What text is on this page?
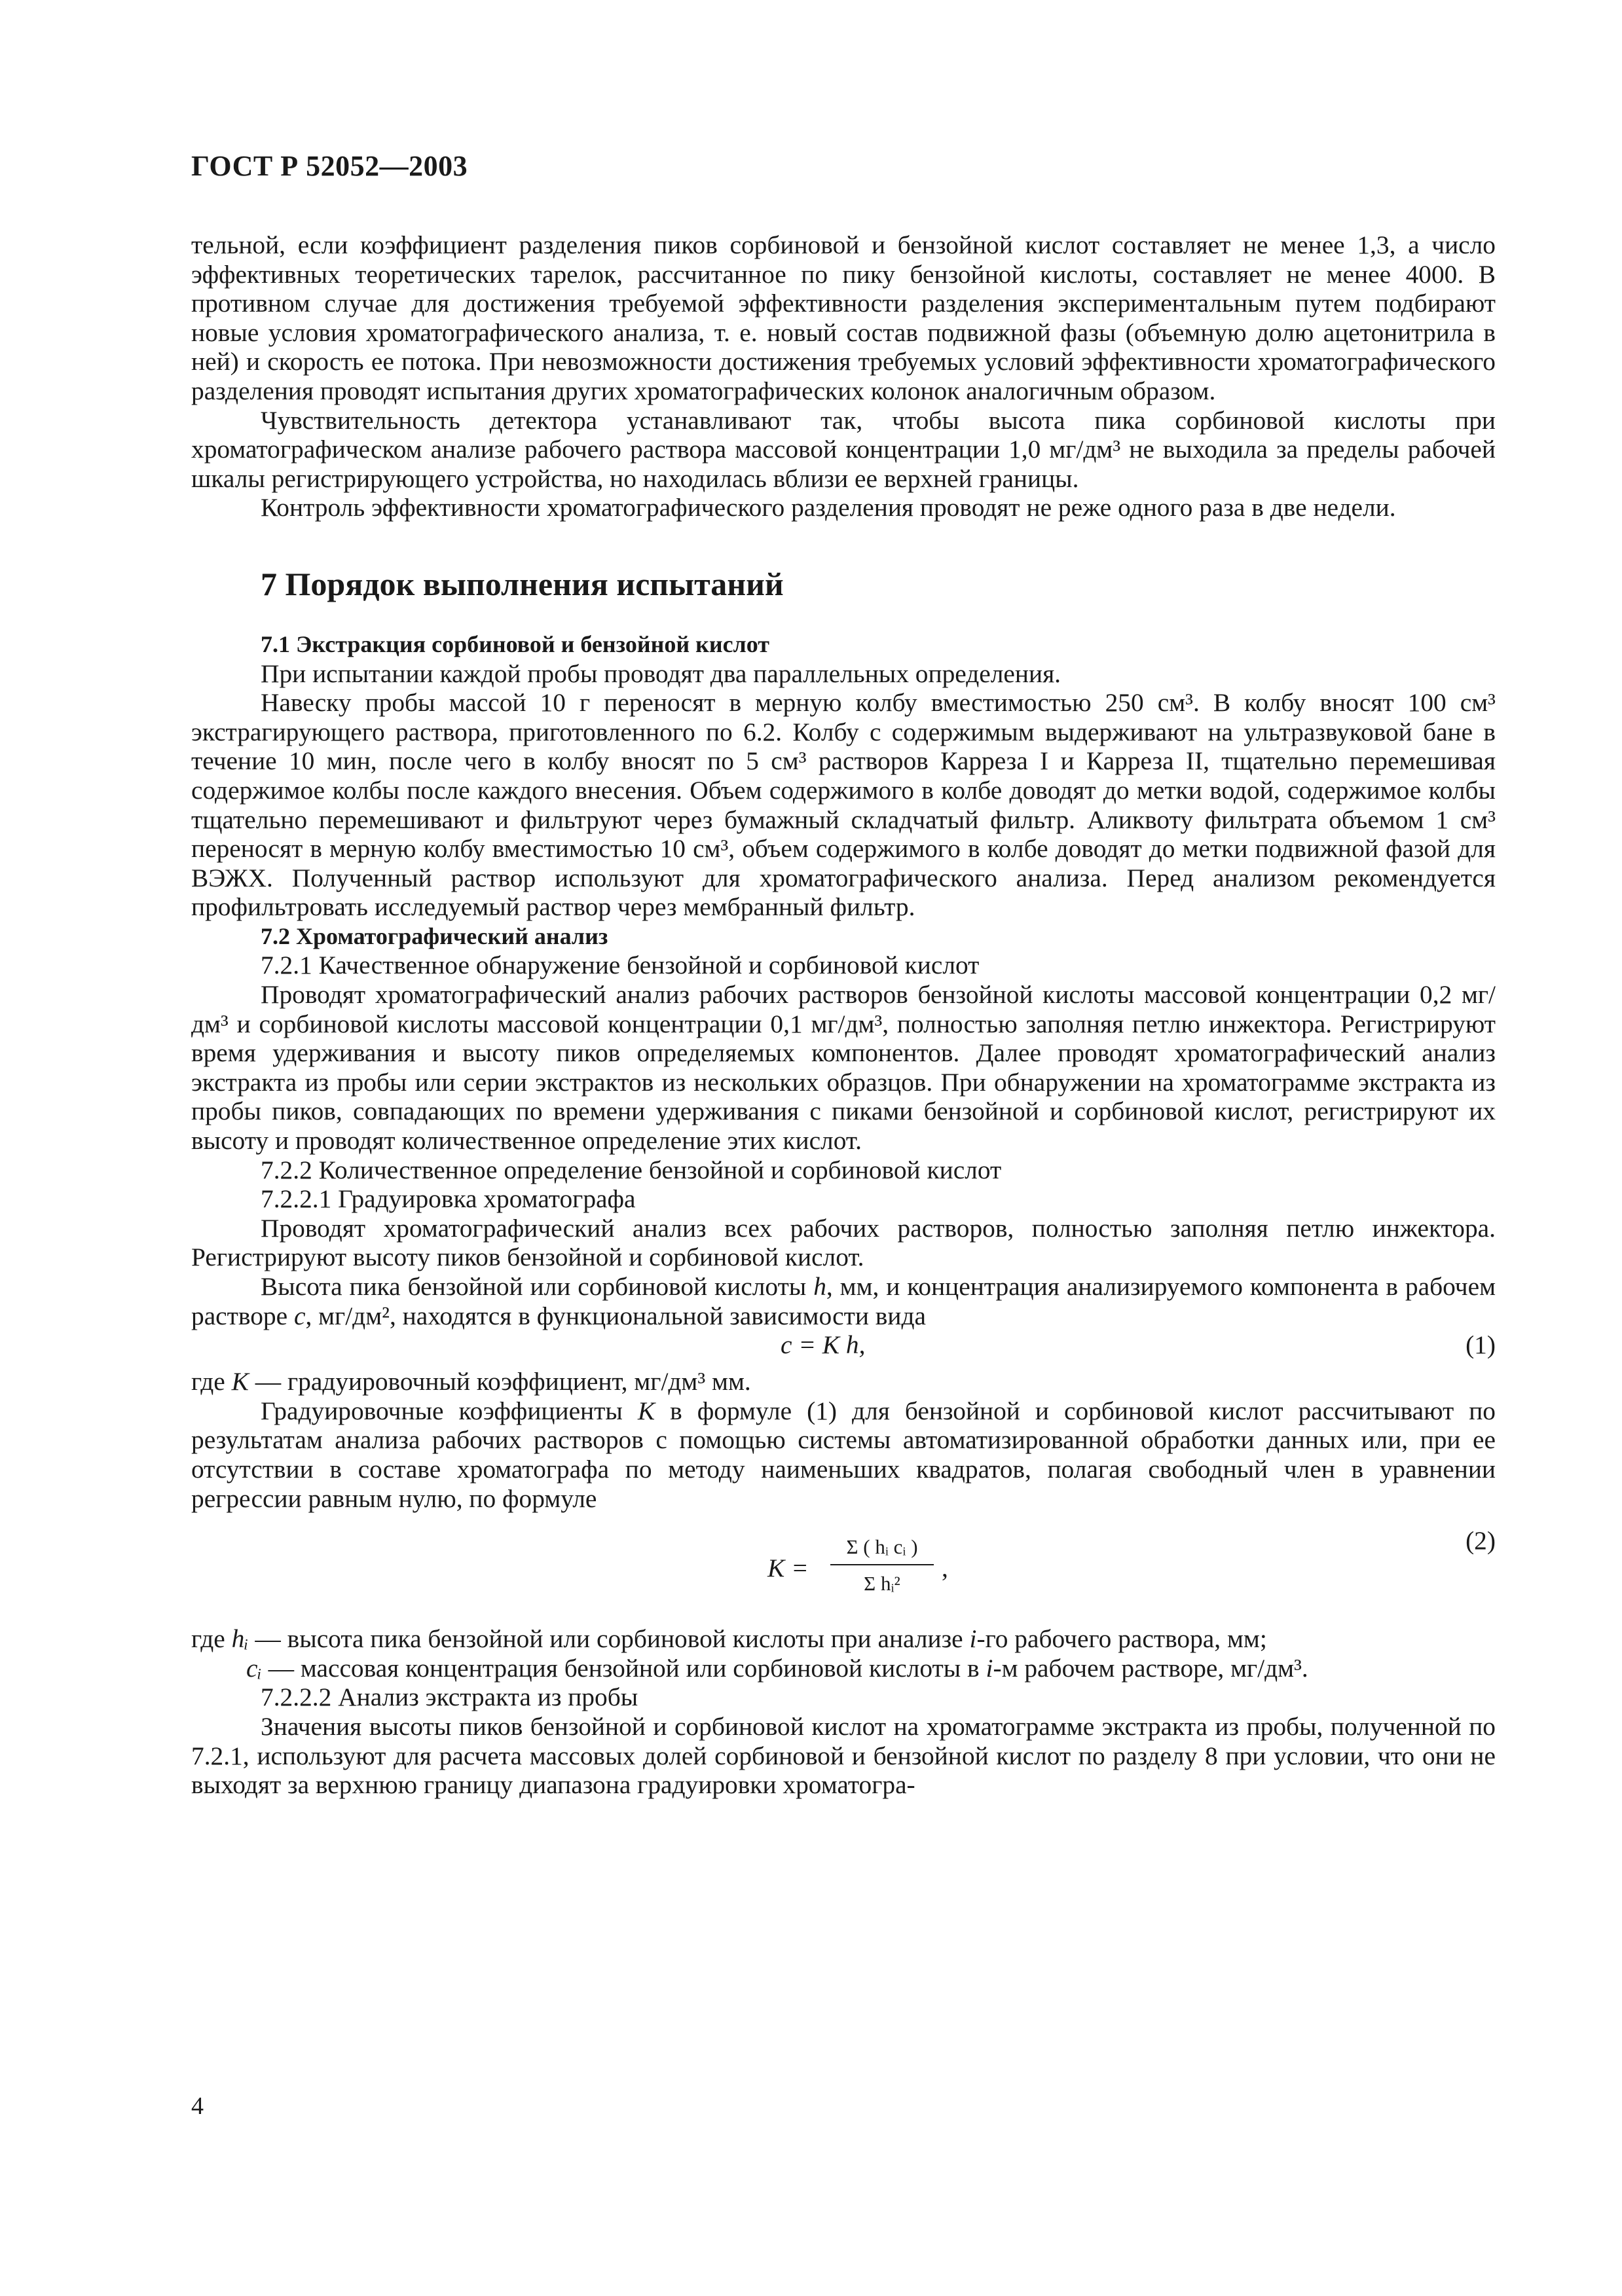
ГОСТ Р 52052—2003

тельной, если коэффициент разделения пиков сорбиновой и бензойной кислот составляет не менее 1,3, а число эффективных теоретических тарелок, рассчитанное по пику бензойной кислоты, составляет не менее 4000. В противном случае для достижения требуемой эффективности разделения экспериментальным путем подбирают новые условия хроматографического анализа, т. е. новый состав подвижной фазы (объемную долю ацетонитрила в ней) и скорость ее потока. При невозможности достижения требуемых условий эффективности хроматографического разделения проводят испытания других хроматографических колонок аналогичным образом.

Чувствительность детектора устанавливают так, чтобы высота пика сорбиновой кислоты при хроматографическом анализе рабочего раствора массовой концентрации 1,0 мг/дм³ не выходила за пределы рабочей шкалы регистрирующего устройства, но находилась вблизи ее верхней границы.

Контроль эффективности хроматографического разделения проводят не реже одного раза в две недели.

7 Порядок выполнения испытаний

7.1 Экстракция сорбиновой и бензойной кислот

При испытании каждой пробы проводят два параллельных определения.

Навеску пробы массой 10 г переносят в мерную колбу вместимостью 250 см³. В колбу вносят 100 см³ экстрагирующего раствора, приготовленного по 6.2. Колбу с содержимым выдерживают на ультразвуковой бане в течение 10 мин, после чего в колбу вносят по 5 см³ растворов Карреза I и Карреза II, тщательно перемешивая содержимое колбы после каждого внесения. Объем содержимого в колбе доводят до метки водой, содержимое колбы тщательно перемешивают и фильтруют через бумажный складчатый фильтр. Аликвоту фильтрата объемом 1 см³ переносят в мерную колбу вместимостью 10 см³, объем содержимого в колбе доводят до метки подвижной фазой для ВЭЖХ. Полученный раствор используют для хроматографического анализа. Перед анализом рекомендуется профильтровать исследуемый раствор через мембранный фильтр.

7.2 Хроматографический анализ

7.2.1 Качественное обнаружение бензойной и сорбиновой кислот

Проводят хроматографический анализ рабочих растворов бензойной кислоты массовой концентрации 0,2 мг/дм³ и сорбиновой кислоты массовой концентрации 0,1 мг/дм³, полностью заполняя петлю инжектора. Регистрируют время удерживания и высоту пиков определяемых компонентов. Далее проводят хроматографический анализ экстракта из пробы или серии экстрактов из нескольких образцов. При обнаружении на хроматограмме экстракта из пробы пиков, совпадающих по времени удерживания с пиками бензойной и сорбиновой кислот, регистрируют их высоту и проводят количественное определение этих кислот.

7.2.2 Количественное определение бензойной и сорбиновой кислот

7.2.2.1 Градуировка хроматографа

Проводят хроматографический анализ всех рабочих растворов, полностью заполняя петлю инжектора. Регистрируют высоту пиков бензойной и сорбиновой кислот.

Высота пика бензойной или сорбиновой кислоты h, мм, и концентрация анализируемого компонента в рабочем растворе c, мг/дм², находятся в функциональной зависимости вида

c = K h,	(1)

где K — градуировочный коэффициент, мг/дм³ мм.

Градуировочные коэффициенты K в формуле (1) для бензойной и сорбиновой кислот рассчитывают по результатам анализа рабочих растворов с помощью системы автоматизированной обработки данных или, при ее отсутствии в составе хроматографа по методу наименьших квадратов, полагая свободный член в уравнении регрессии равным нулю, по формуле

K =
Σ ( hᵢ cᵢ )
Σ hᵢ²
,
(2)

где hᵢ — высота пика бензойной или сорбиновой кислоты при анализе i-го рабочего раствора, мм;

cᵢ — массовая концентрация бензойной или сорбиновой кислоты в i-м рабочем растворе, мг/дм³.

7.2.2.2 Анализ экстракта из пробы

Значения высоты пиков бензойной и сорбиновой кислот на хроматограмме экстракта из пробы, полученной по 7.2.1, используют для расчета массовых долей сорбиновой и бензойной кислот по разделу 8 при условии, что они не выходят за верхнюю границу диапазона градуировки хроматогра-

4
